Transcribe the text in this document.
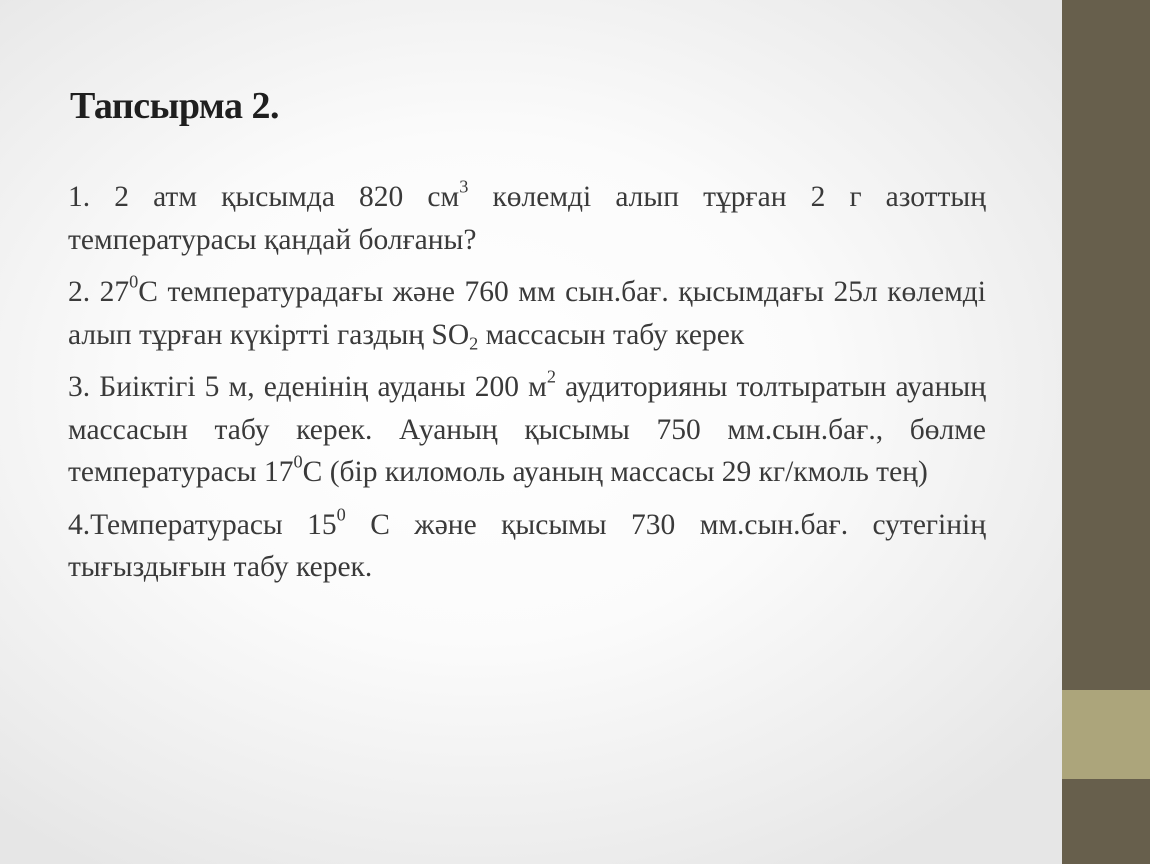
Тапсырма 2.

1. 2 атм қысымда 820 $см^3$ көлемді алып тұрған 2 г азоттың температурасы қандай болғаны?

2. $27^0С$ температурадағы және 760 мм сын.бағ. қысымдағы 25л көлемді алып тұрған күкіртті газдың $SO_2$ массасын табу керек

3. Биіктігі 5 м, еденінің ауданы 200 $м^2$ аудиторияны толтыратын ауаның массасын табу керек. Ауаның қысымы 750 мм.сын.бағ., бөлме температурасы $17^0С$ (бір киломоль ауаның массасы 29 кг/кмоль тең)

4.Температурасы $15^0$ С және қысымы 730 мм.сын.бағ. сутегінің тығыздығын табу керек.
